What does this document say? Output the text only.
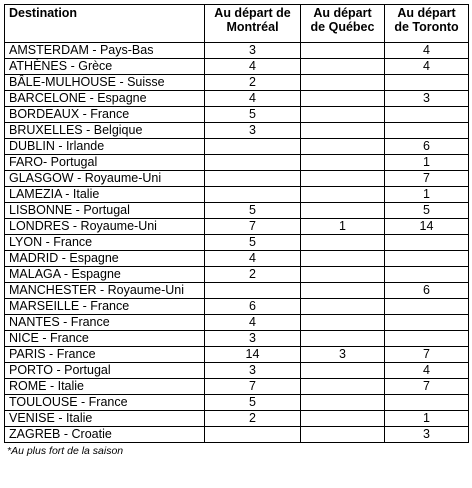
Destination	Au départ de Montréal	Au départ de Québec	Au départ de Toronto
AMSTERDAM - Pays-Bas	3		4
ATHÈNES - Grèce	4		4
BÂLE-MULHOUSE - Suisse	2		
BARCELONE - Espagne	4		3
BORDEAUX - France	5		
BRUXELLES - Belgique	3		
DUBLIN - Irlande			6
FARO- Portugal			1
GLASGOW - Royaume-Uni			7
LAMEZIA - Italie			1
LISBONNE - Portugal	5		5
LONDRES - Royaume-Uni	7	1	14
LYON - France	5		
MADRID - Espagne	4		
MALAGA - Espagne	2		
MANCHESTER - Royaume-Uni			6
MARSEILLE - France	6		
NANTES - France	4		
NICE - France	3		
PARIS - France	14	3	7
PORTO - Portugal	3		4
ROME - Italie	7		7
TOULOUSE - France	5		
VENISE - Italie	2		1
ZAGREB - Croatie			3
*Au plus fort de la saison
